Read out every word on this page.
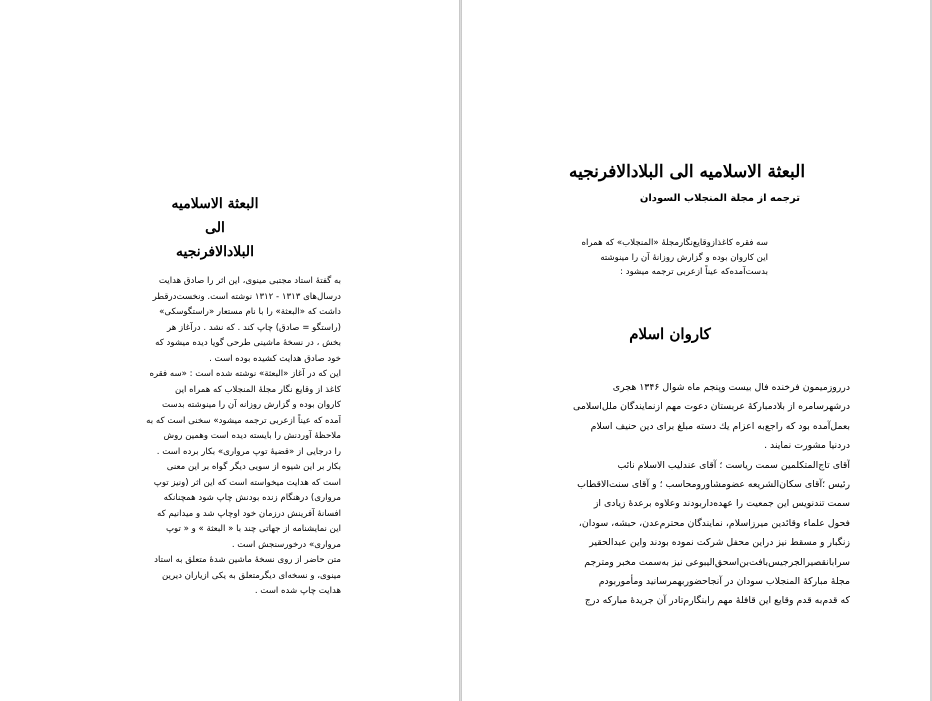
البعثة الاسلامیه
الی
البلادالافرنجیه
به گفتهٔ استاد مجتبی مینوی، این اثر را صادق هدایت
درسال‌های ۱۳۱۳ - ۱۳۱۲ نوشته است. ونخست‌درقطر
داشت که «البعثة» را با نام مستعار «راستگوسکی»
(راستگو = صادق) چاپ کند . که نشد . درآغاز هر
بخش ، در نسخهٔ ماشینی طرحی گویا دیده میشود که
خود صادق هدایت کشیده بوده است .
این که در آغاز «البعثة» نوشته شده است : «سه فقره
کاغذ از وقایع نگار مجلهٔ المنجلاب که همراه این
کاروان بوده و گزارش روزانه آن را مینوشته بدست
آمده که عیناً ازعربی ترجمه میشود» سخنی است که به
ملاحظهٔ آوردنش را بایسته دیده است وهمین روش
را درجایی از «قضیهٔ توپ مرواری» بکار برده است .
بکار بر این شیوه از سویی دیگر گواه بر این معنی
است که هدایت میخواسته است که این اثر (ونیز توپ
مرواری) درهنگام زنده بودنش چاپ شود همچنانکه
افسانهٔ آفرینش درزمان خود اوچاپ شد و میدانیم که
این نمایشنامه از جهاتی چند با « البعثة » و « توپ
مرواری» درخورسنجش است .
متن حاضر از روی نسخهٔ ماشین شدهٔ متعلق به استاد
مینوی، و نسخه‌ای دیگرمتعلق به یکی ازیاران دیرین
هدایت چاپ شده است .
البعثة الاسلامیه الی البلادالافرنجیه
ترجمه از مجلة المنجلاب السودان
سه فقره کاغذازوقایع‌نگارمجلهٔ «المنجلاب» که همراه
این کاروان بوده و گزارش روزانهٔ آن را مینوشته
بدست‌آمده‌که عیناً ازعربی ترجمه میشود :
کاروان اسلام
درروزمیمون فرخنده فال بیست وپنجم ماه شوال ۱۳۴۶ هجری
درشهرسامره از بلادمبارکهٔ عربستان دعوت مهم ازنمایندگان ملل‌اسلامی
بعمل‌آمده بود که راجع‌به اعزام یك دسته مبلغ برای دین حنیف اسلام
دردنیا مشورت نمایند .
آقای تاج‌المتکلمین سمت ریاست ؛ آقای عندلیب الاسلام نائب
رئیس ؛آقای سکان‌الشریعه عضومشاورومحاسب ؛ و آقای سنت‌الاقطاب
سمت تندنویس این جمعیت را عهده‌داربودند وعلاوه برعدهٔ زیادی از
فحول علماء وقائدین میرزاسلام، نمایندگان محترم‌عدن، حبشه، سودان،
زنگبار و مسقط نیز دراین محفل شرکت نموده بودند واین عبدالحقیر
سرابانقصیرالجرجیس‌بافت‌بن‌اسحق‌الیبوعی نیز به‌سمت مخبر ومترجم
مجلهٔ مبارکهٔ المنجلاب سودان در آنجاحضوربهمرسانید ومأموربودم
که قدم‌به قدم وقایع این قافلهٔ مهم رابنگارم‌تادر آن جریدهٔ مبارکه درج
